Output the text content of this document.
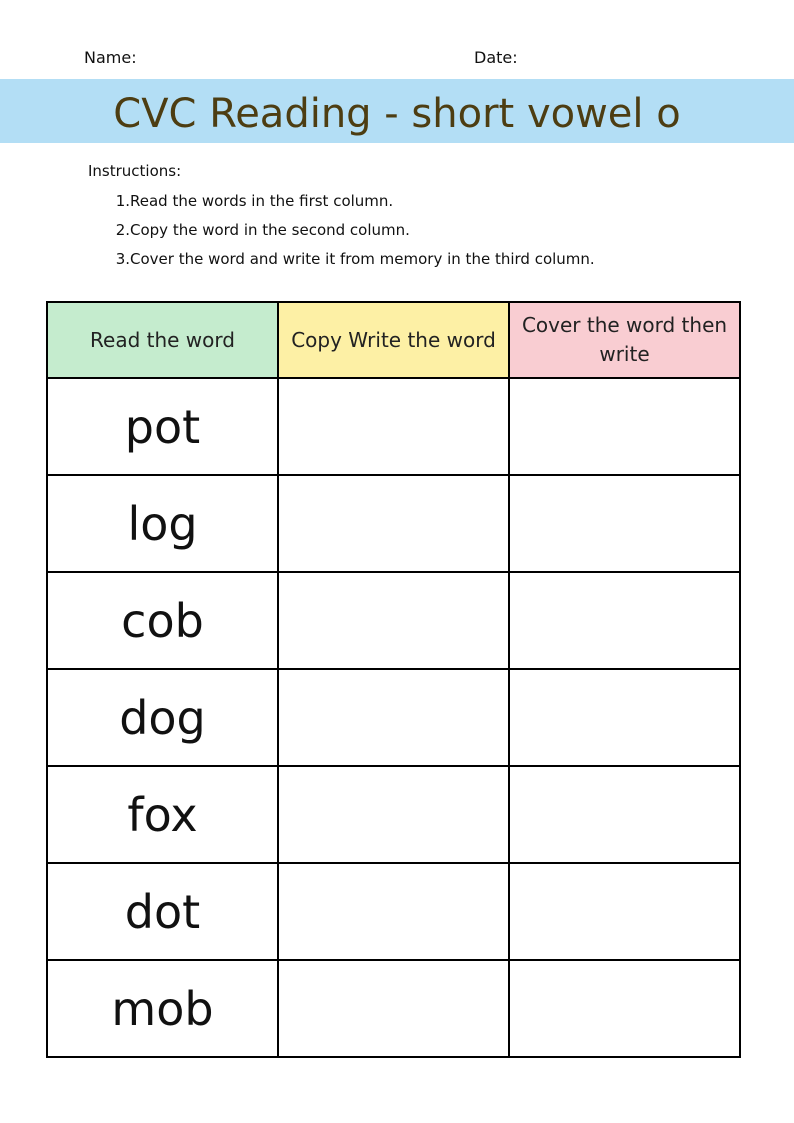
Name:	Date:
CVC Reading - short vowel o
Instructions:
1.Read the words in the first column.
2.Copy the word in the second column.
3.Cover the word and write it from memory in the third column.
Read the word	Copy Write the word	Cover the word then write
pot		
log		
cob		
dog		
fox		
dot		
mob		
